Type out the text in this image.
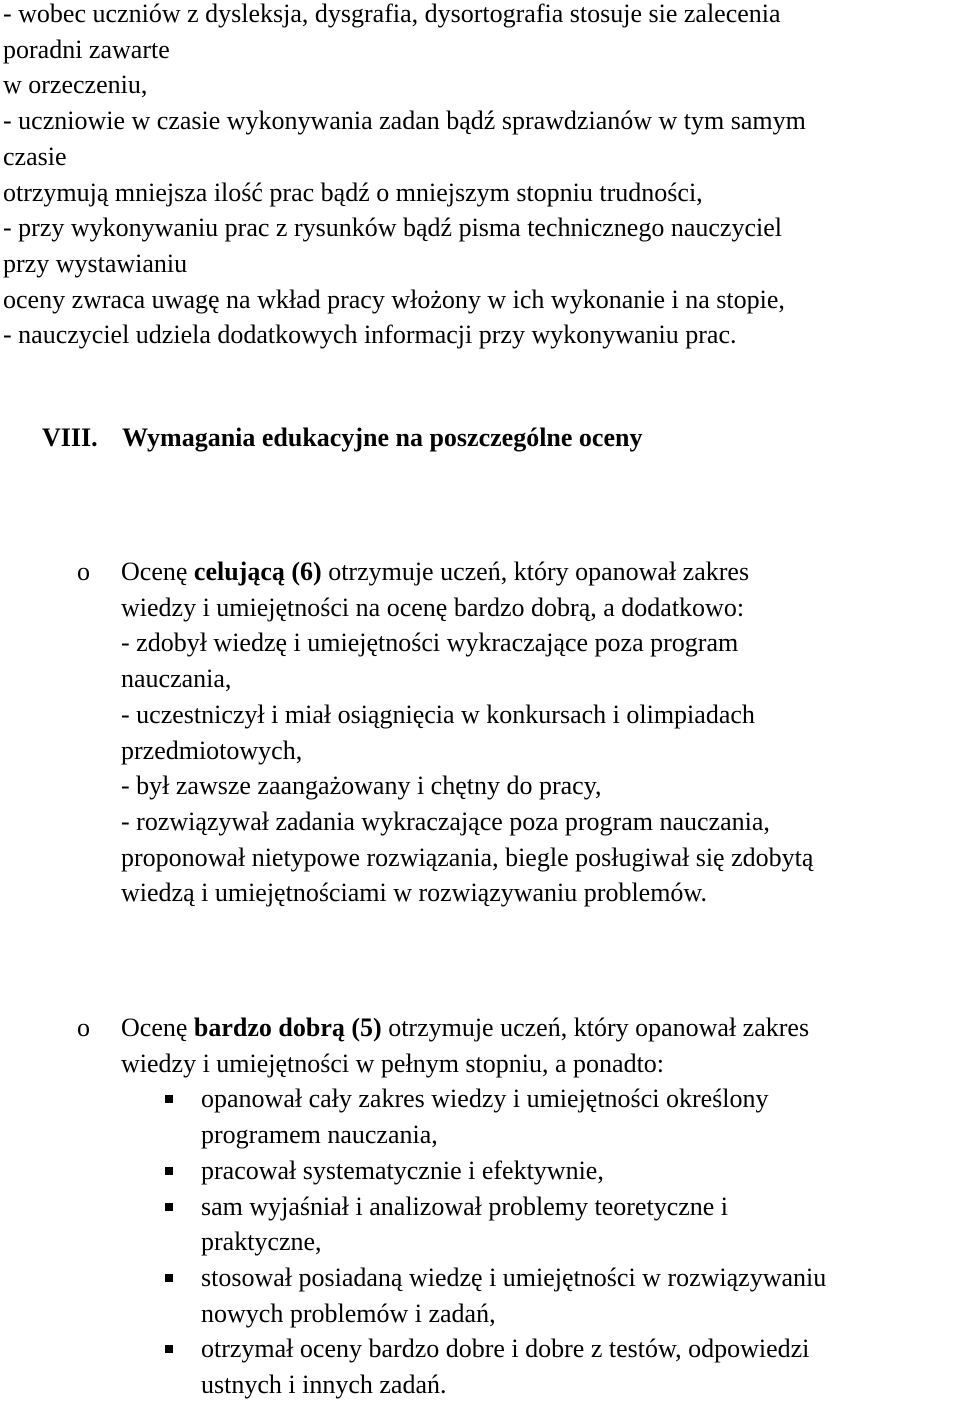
- wobec uczniów z dysleksja, dysgrafia, dysortografia stosuje sie zalecenia
poradni zawarte
w orzeczeniu,
- uczniowie w czasie wykonywania zadan bądź sprawdzianów w tym samym
czasie
otrzymują mniejsza ilość prac bądź o mniejszym stopniu trudności,
- przy wykonywaniu prac z rysunków bądź pisma technicznego nauczyciel
przy wystawianiu
oceny zwraca uwagę na wkład pracy włożony w ich wykonanie i na stopie,
- nauczyciel udziela dodatkowych informacji przy wykonywaniu prac.
VIII. Wymagania edukacyjne na poszczególne oceny
o Ocenę celującą (6) otrzymuje uczeń, który opanował zakres
wiedzy i umiejętności na ocenę bardzo dobrą, a dodatkowo:
- zdobył wiedzę i umiejętności wykraczające poza program
nauczania,
- uczestniczył i miał osiągnięcia w konkursach i olimpiadach
przedmiotowych,
- był zawsze zaangażowany i chętny do pracy,
- rozwiązywał zadania wykraczające poza program nauczania,
proponował nietypowe rozwiązania, biegle posługiwał się zdobytą
wiedzą i umiejętnościami w rozwiązywaniu problemów.
o Ocenę bardzo dobrą (5) otrzymuje uczeń, który opanował zakres
wiedzy i umiejętności w pełnym stopniu, a ponadto:
opanował cały zakres wiedzy i umiejętności określony
programem nauczania,
pracował systematycznie i efektywnie,
sam wyjaśniał i analizował problemy teoretyczne i
praktyczne,
stosował posiadaną wiedzę i umiejętności w rozwiązywaniu
nowych problemów i zadań,
otrzymał oceny bardzo dobre i dobre z testów, odpowiedzi
ustnych i innych zadań.
